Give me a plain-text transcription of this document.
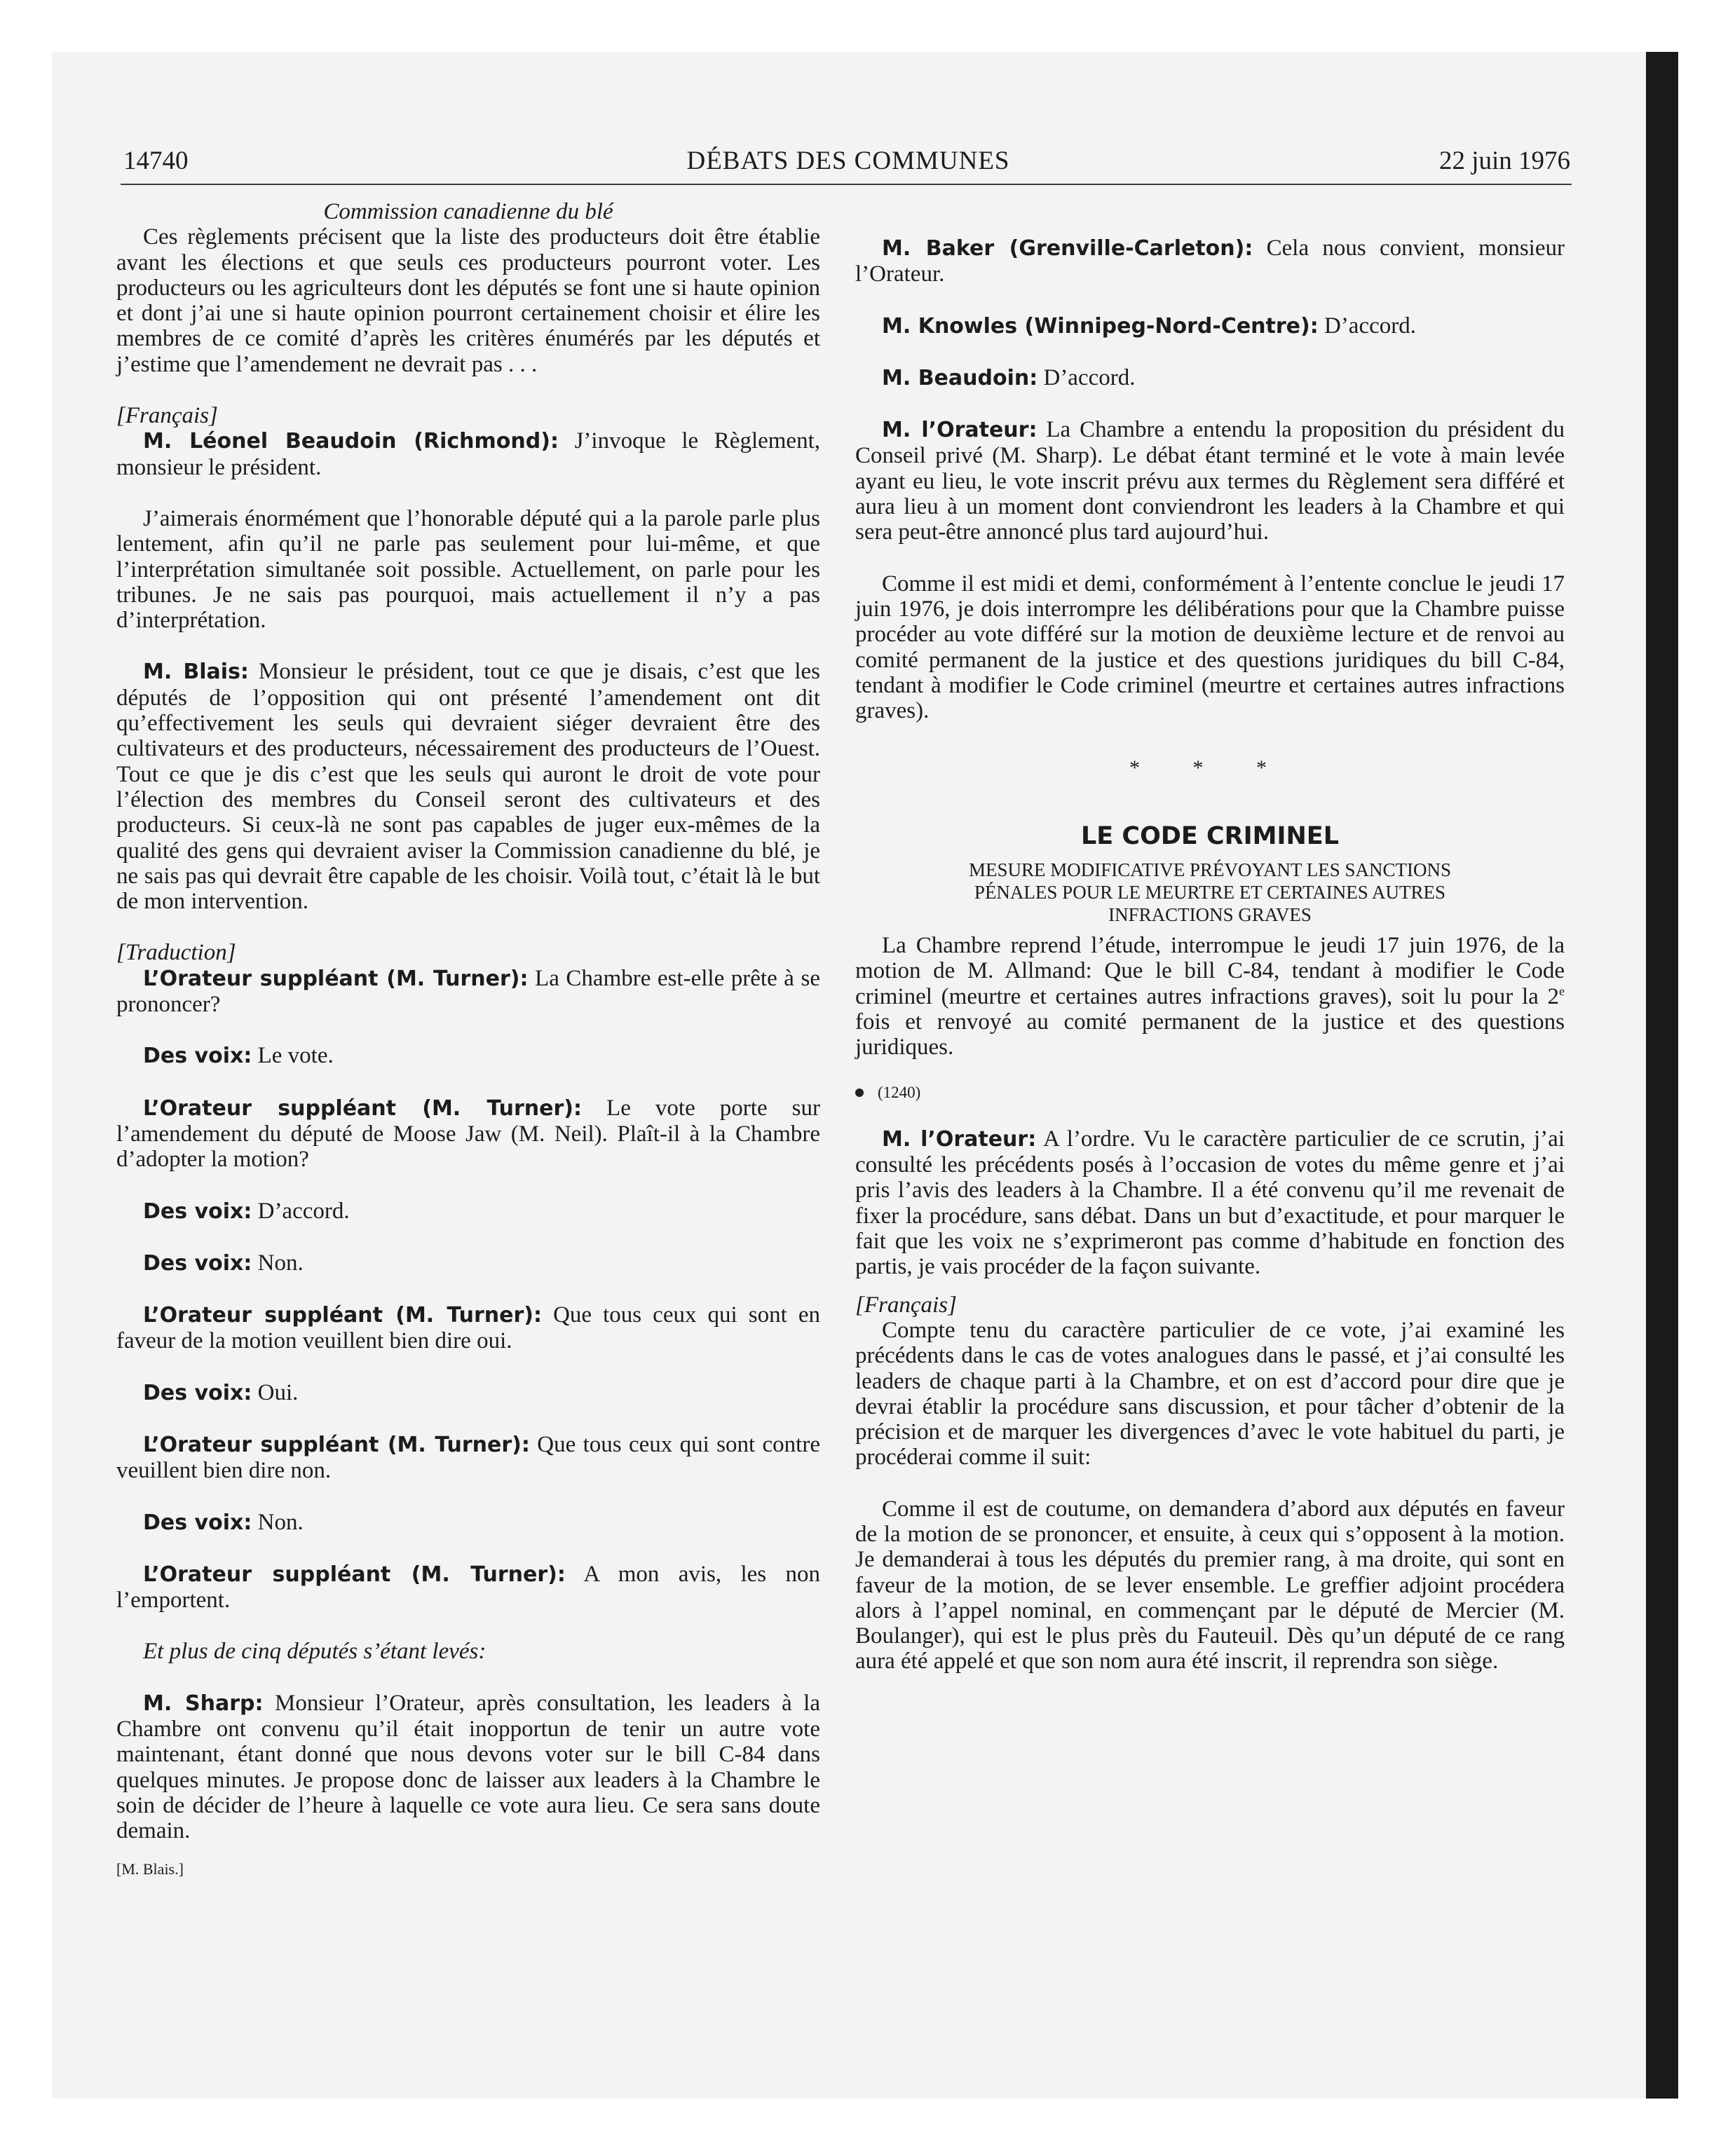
14740	DÉBATS DES COMMUNES	22 juin 1976

Commission canadienne du blé

Ces règlements précisent que la liste des producteurs doit être établie avant les élections et que seuls ces producteurs pourront voter. Les producteurs ou les agriculteurs dont les députés se font une si haute opinion et dont j’ai une si haute opinion pourront certainement choisir et élire les membres de ce comité d’après les critères énumérés par les députés et j’estime que l’amendement ne devrait pas . . .

[Français]

M. Léonel Beaudoin (Richmond): J’invoque le Règlement, monsieur le président.

J’aimerais énormément que l’honorable député qui a la parole parle plus lentement, afin qu’il ne parle pas seulement pour lui-même, et que l’interprétation simultanée soit possible. Actuellement, on parle pour les tribunes. Je ne sais pas pourquoi, mais actuellement il n’y a pas d’interprétation.

M. Blais: Monsieur le président, tout ce que je disais, c’est que les députés de l’opposition qui ont présenté l’amendement ont dit qu’effectivement les seuls qui devraient siéger devraient être des cultivateurs et des producteurs, nécessairement des producteurs de l’Ouest. Tout ce que je dis c’est que les seuls qui auront le droit de vote pour l’élection des membres du Conseil seront des cultivateurs et des producteurs. Si ceux-là ne sont pas capables de juger eux-mêmes de la qualité des gens qui devraient aviser la Commission canadienne du blé, je ne sais pas qui devrait être capable de les choisir. Voilà tout, c’était là le but de mon intervention.

[Traduction]

L’Orateur suppléant (M. Turner): La Chambre est-elle prête à se prononcer?

Des voix: Le vote.

L’Orateur suppléant (M. Turner): Le vote porte sur l’amendement du député de Moose Jaw (M. Neil). Plaît-il à la Chambre d’adopter la motion?

Des voix: D’accord.

Des voix: Non.

L’Orateur suppléant (M. Turner): Que tous ceux qui sont en faveur de la motion veuillent bien dire oui.

Des voix: Oui.

L’Orateur suppléant (M. Turner): Que tous ceux qui sont contre veuillent bien dire non.

Des voix: Non.

L’Orateur suppléant (M. Turner): A mon avis, les non l’emportent.

Et plus de cinq députés s’étant levés:

M. Sharp: Monsieur l’Orateur, après consultation, les leaders à la Chambre ont convenu qu’il était inopportun de tenir un autre vote maintenant, étant donné que nous devons voter sur le bill C-84 dans quelques minutes. Je propose donc de laisser aux leaders à la Chambre le soin de décider de l’heure à laquelle ce vote aura lieu. Ce sera sans doute demain.

[M. Blais.]

M. Baker (Grenville-Carleton): Cela nous convient, monsieur l’Orateur.

M. Knowles (Winnipeg-Nord-Centre): D’accord.

M. Beaudoin: D’accord.

M. l’Orateur: La Chambre a entendu la proposition du président du Conseil privé (M. Sharp). Le débat étant terminé et le vote à main levée ayant eu lieu, le vote inscrit prévu aux termes du Règlement sera différé et aura lieu à un moment dont conviendront les leaders à la Chambre et qui sera peut-être annoncé plus tard aujourd’hui.

Comme il est midi et demi, conformément à l’entente conclue le jeudi 17 juin 1976, je dois interrompre les délibérations pour que la Chambre puisse procéder au vote différé sur la motion de deuxième lecture et de renvoi au comité permanent de la justice et des questions juridiques du bill C-84, tendant à modifier le Code criminel (meurtre et certaines autres infractions graves).

* * *

LE CODE CRIMINEL

MESURE MODIFICATIVE PRÉVOYANT LES SANCTIONS

PÉNALES POUR LE MEURTRE ET CERTAINES AUTRES

INFRACTIONS GRAVES

La Chambre reprend l’étude, interrompue le jeudi 17 juin 1976, de la motion de M. Allmand: Que le bill C-84, tendant à modifier le Code criminel (meurtre et certaines autres infractions graves), soit lu pour la 2e fois et renvoyé au comité permanent de la justice et des questions juridiques.

(1240)

M. l’Orateur: A l’ordre. Vu le caractère particulier de ce scrutin, j’ai consulté les précédents posés à l’occasion de votes du même genre et j’ai pris l’avis des leaders à la Chambre. Il a été convenu qu’il me revenait de fixer la procédure, sans débat. Dans un but d’exactitude, et pour marquer le fait que les voix ne s’exprimeront pas comme d’habitude en fonction des partis, je vais procéder de la façon suivante.

[Français]

Compte tenu du caractère particulier de ce vote, j’ai examiné les précédents dans le cas de votes analogues dans le passé, et j’ai consulté les leaders de chaque parti à la Chambre, et on est d’accord pour dire que je devrai établir la procédure sans discussion, et pour tâcher d’obtenir de la précision et de marquer les divergences d’avec le vote habituel du parti, je procéderai comme il suit:

Comme il est de coutume, on demandera d’abord aux députés en faveur de la motion de se prononcer, et ensuite, à ceux qui s’opposent à la motion. Je demanderai à tous les députés du premier rang, à ma droite, qui sont en faveur de la motion, de se lever ensemble. Le greffier adjoint procédera alors à l’appel nominal, en commençant par le député de Mercier (M. Boulanger), qui est le plus près du Fauteuil. Dès qu’un député de ce rang aura été appelé et que son nom aura été inscrit, il reprendra son siège.
